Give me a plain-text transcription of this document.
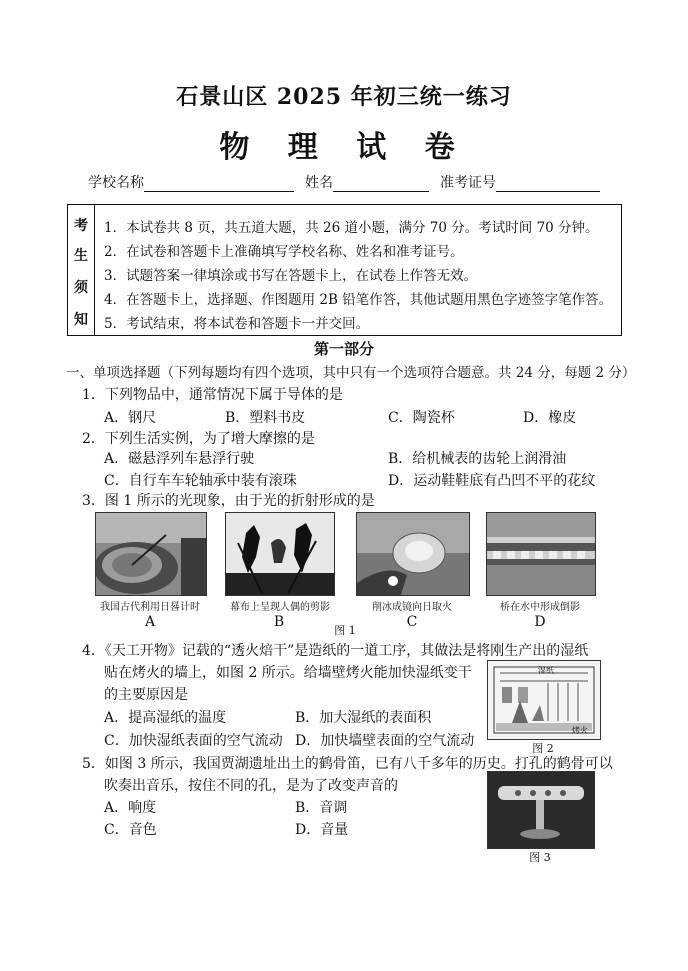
石景山区 2025 年初三统一练习
物 理 试 卷
学校名称	姓名	准考证号
考
生
须
知
1．本试卷共 8 页，共五道大题，共 26 道小题，满分 70 分。考试时间 70 分钟。
2．在试卷和答题卡上准确填写学校名称、姓名和准考证号。
3．试题答案一律填涂或书写在答题卡上，在试卷上作答无效。
4．在答题卡上，选择题、作图题用 2B 铅笔作答，其他试题用黑色字迹签字笔作答。
5．考试结束，将本试卷和答题卡一并交回。
第一部分
一、单项选择题（下列每题均有四个选项，其中只有一个选项符合题意。共 24 分，每题 2 分）
1．下列物品中，通常情况下属于导体的是
A．钢尺	B．塑料书皮	C．陶瓷杯	D．橡皮
2．下列生活实例，为了增大摩擦的是
A．磁悬浮列车悬浮行驶	B．给机械表的齿轮上润滑油
C．自行车车轮轴承中装有滚珠	D．运动鞋鞋底有凸凹不平的花纹
3．图 1 所示的光现象，由于光的折射形成的是
我国古代利用日晷计时	幕布上呈现人偶的剪影	削冰成镜向日取火	桥在水中形成倒影
A	B	C	D
图 1
4．《天工开物》记载的“透火焙干”是造纸的一道工序，其做法是将刚生产出的湿纸
贴在烤火的墙上，如图 2 所示。给墙壁烤火能加快湿纸变干
的主要原因是
A．提高湿纸的温度	B．加大湿纸的表面积
C．加快湿纸表面的空气流动 D．加快墙壁表面的空气流动
湿纸
烤火
图 2
5．如图 3 所示，我国贾湖遗址出土的鹤骨笛，已有八千多年的历史。打孔的鹤骨可以
吹奏出音乐，按住不同的孔，是为了改变声音的
A．响度	B．音调
C．音色	D．音量
图 3
